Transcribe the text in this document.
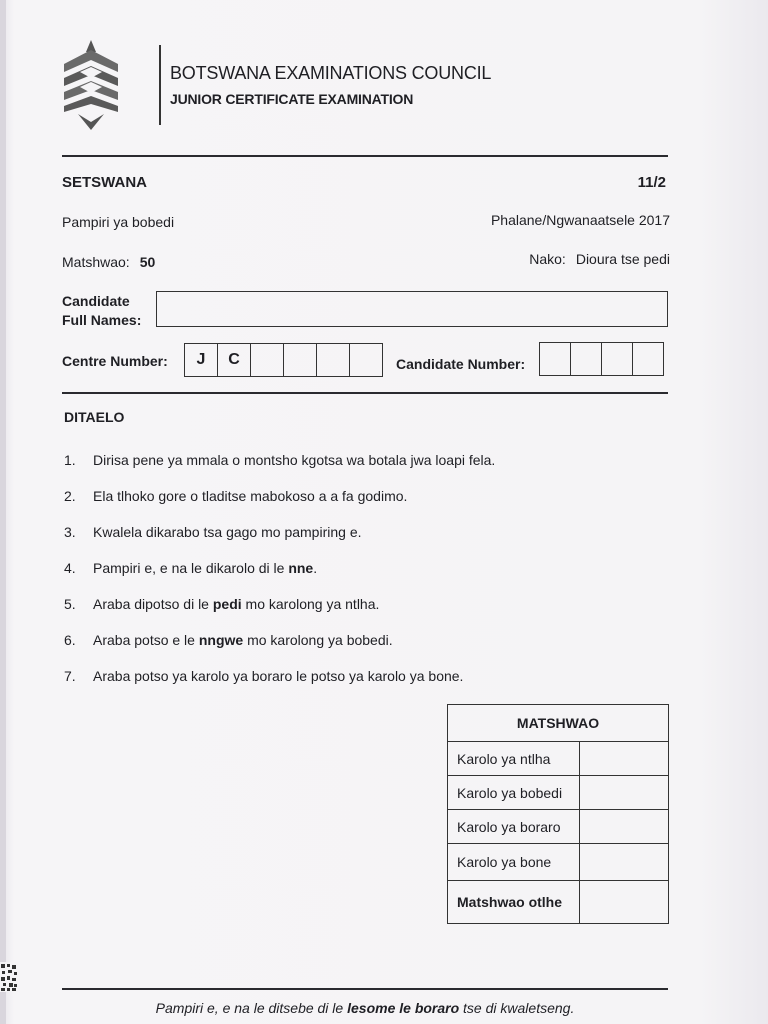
BOTSWANA EXAMINATIONS COUNCIL
JUNIOR CERTIFICATE EXAMINATION
SETSWANA	11/2
Pampiri ya bobedi	Phalane/Ngwanaatsele 2017
Matshwao: 50	Nako: Dioura tse pedi
Candidate
Full Names:
Centre Number:	J	C	Candidate Number:
DITAELO
1. Dirisa pene ya mmala o montsho kgotsa wa botala jwa loapi fela.
2. Ela tlhoko gore o tladitse mabokoso a a fa godimo.
3. Kwalela dikarabo tsa gago mo pampiring e.
4. Pampiri e, e na le dikarolo di le nne.
5. Araba dipotso di le pedi mo karolong ya ntlha.
6. Araba potso e le nngwe mo karolong ya bobedi.
7. Araba potso ya karolo ya boraro le potso ya karolo ya bone.
MATSHWAO	
Karolo ya ntlha	
Karolo ya bobedi	
Karolo ya boraro	
Karolo ya bone	
Matshwao otlhe	
Pampiri e, e na le ditsebe di le lesome le boraro tse di kwaletseng.
